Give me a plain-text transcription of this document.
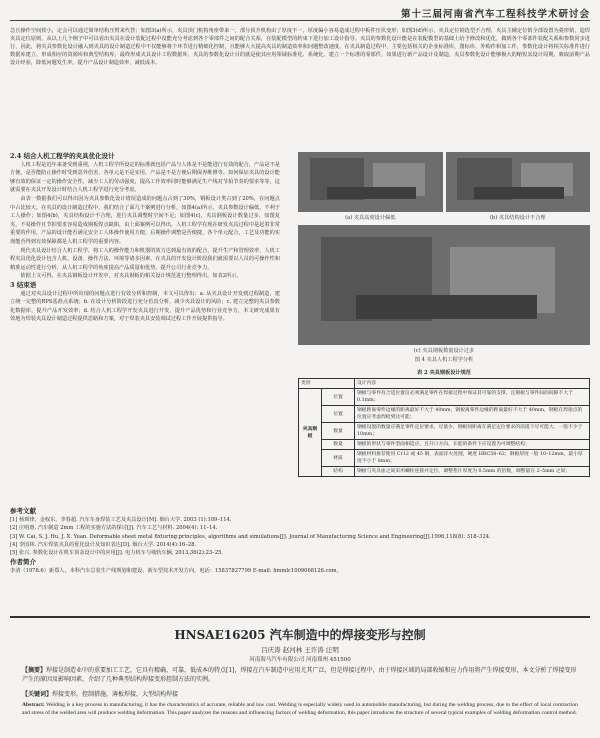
第十三届河南省汽车工程科技学术研讨会
急且操作空间狭小，定会可以通过简单结构压臂来代替；如图3(a)所示，夹具顶门机构角座带来一，部分顶升机构由了厚度不一，厚度偏小容易造成过程中板件压伏变形；如图3(d)所示，夹具定位销选型不合理，夹具主辅定位销全部设置为菱形销，造焊夹具定位原则，从以上几个例子中可以看出夹具在设计装配过程中没能充分考虑到各个零部件之间的配合关系，在装配模型的约束下进行加工设计指导。夹具的参数化设计能是在装配模型的基础上给予修改和优化，做到各个零部件装配关系和参数同步进行，因此，将夹具参数化设计融入到夹具的设计制造过程中不仅能够将个环节进行精细化控制，且能够大大提高夹具的制造效率和问题整改速度。在夹具制造过程中，主要包括相关的企业标准库，图标库，外购件和加工件，参数化设计将相关标准件进行数据库建立，形成相应的资源库和典型结构库，最终形成夹具设计工程数据库，夹具的参数化设计目的就是使其应用领域标准化、系统化，建立一个标准的零部件，如果进行新产品设计及制造，夹具参数化设计能够极大的缩短其设计周期，吸取前期产品设计经验，降低问题发生率，提升产品设计制造效率，减低成本。

2.4 结合人机工程学的夹具优化设计

人机工程是近年来备受到重视，人机工程学所设定的标准就包括产品与人体是不是能进行有效的配合，产品是不是方便，是否能防止操作时受到意外伤害、各单元是不是实用，产品是不是方便后期保养维修等。如何保证夹具的设计能够有效的保证一定的操作安全性，减少工人的劳动强度，提高工作效率同时能够满足生产线对节拍节奏的要求等等，这就需要在夹具开发设计时结合人机工程学进行充分考虑。

由表一数据我们可以得出因为夹具参数化设计错误造成的问题点占到了30%，钢板设计类占到了20%，在问题点中占比较大。在夹具的设计制造过程中，我们结合了面几个案例进行分析，如图4(a)所示，夹具参数设计偏低，不利于工人操作；如图4(b)，夹具结构设计不合理，进行夹具调整时空间不足；如图4(c)，夹具钢板设计数量过多，如图复夹，不易操作且节拍要求容易造成钢板焊点缺陷，由上面案例可以得出，人机工程学在现在研发夹具过程中是起着非常重要的作用，产品的设计能否满足安全工人体操作使用方便，后期操作调整是否便捷，各个单元配合，工艺及功能的实现能否得到有效保障都是人机工程学的重要内容。

现代夹具设计结合人机工程学，将工人的操作能力和机器的效力达到最有效的配合，提升生产和管理效率，人机工程夹具优化设计包含人机、设备、操作方法、环境等诸多因素，在夹具的开发设计阶段我们就需要以人员的可操作性和精准运动性进行分析，从人机工程学的角度提高产品质量和优势，提升公司行业竞争力。

依据上文可得，在夹具钢板设计开发中，对夹具钢板的相关设计规范进行整理得出，如表2所示。

3 结束语

通过对夹具设计过程中所出现的问题点进行有效分析和控制，本文可以得出：a. 从夹具设计开发到过程制造，建立统一完整的RPS基准点系统；b. 在设计分析阶段进行充分仿真分析，减少夹具设计的风险；c. 建立完整的夹具参数化数据库，提升产品开发效率；d. 结合人机工程学开发夹具进行开发，提升产品优势和行业竞争力，本文研究成果有效地为焊装夹具设计制造过程提供思路和方案，对于焊装夹具安装调试过程工作开展提供指导。

参考文献
[1] 杨琐律，金权东，李春超. 汽车车身焊装工艺及夹具设计[M]. 烟台大学. 2003 (1):109–114.
[2] 庄明惠. 汽车制造 2mm 工程的实施方法的探讨[J]. 汽车工艺与材料. 2004(4): 11–14.
[3] W. Cai, S. J. Hu, J. X. Yuan. Deformable sheet metal fixturing:principles, algorithms and simulations[J]. Journal of Manufacturing Science and Engineering[J].1996,118(8): 318–324.
[4] 李国林. 汽车焊装夹具的优化设计及知识表达[D]. 烟台大学. 2014(4):16–28.
[5] 张兴. 参数化设计在机车顶盖设计中的应用[J]. 电力机车与城轨车辆, 2013,36(2):23–25.
作者简介
李清（1978.6）新郑人，本科汽车总装生产线规划和建设、新车型技术开发方向，电话：15837827799 E-mail: hmmlc1009068126.com。
(a) 夹具高度设计偏低	(b) 夹具结构设计不合理
(c) 夹具钢板数量设计过多
图 4 夹具人机工程学分析
表 2 夹具钢板设计规范
类别		设计内容
夹具钢板	位置	钢板与零件有合适位置仪必须满足零件在焊接过程中保证其可靠的支撑，且钢板与零件间的间隙不大于 0.1mm；
	位置	钢板距离零件边缘的距离最好不大于 40mm，钢板离零件边缘的距离最好不大于 40mm，钢板在焊接点的位置应考虑焊枪到达可能；
	数量	钢板设置的数量应满足零件定位要求，尽量少，钢板间距离在满足定位要求的前提下尽可能大，一般不少于 10mm；
	数量	钢板的形状与零件型面相适应，且开口方向，在能的条件下应设置为可调整结构；
	材质	钢板材料推荐使用 Cr12 或 45 钢，表面淬火处理，硬度 HRC58–62；钢板厚度一般 10–12mm，最小厚度不小于 8mm；
	结构	钢板与夹具座之间采用螺栓连接并定位，调整垫片厚度为 0.5mm 的倍数，调整量在 2–5mm 之间；
HNSAE16205 汽车制造中的焊接变形与控制
吕庆涛 赵河林 王许涛 汪明
河南海马汽车有限公司 河南郑州 451500
【摘要】焊接是制造业中的重要加工工艺，它具有精确、可靠、低成本的特点[1]，焊接在汽车制造中应用尤其广泛，但是焊接过程中，由于焊接区域的局部收缩和应力作用将产生焊接变形，本文分析了焊接变形产生的原因及影响因素，介绍了几种典型结构焊接变形控制方法的实例。
【关键词】焊接变形，控制措施，薄板焊接，大型结构焊接
Abstract: Welding is a key process in manufacturing, it has the characteristics of accurate, reliable and low cost. Welding is especially widely used in automobile manufacturing, but during the welding process, due to the effect of local contraction and stress of the welded area will produce welding deformation. This paper analyzes the reasons and influencing factors of welding deformation, this paper introduces the structure of several typical examples of welding deformation control method.
